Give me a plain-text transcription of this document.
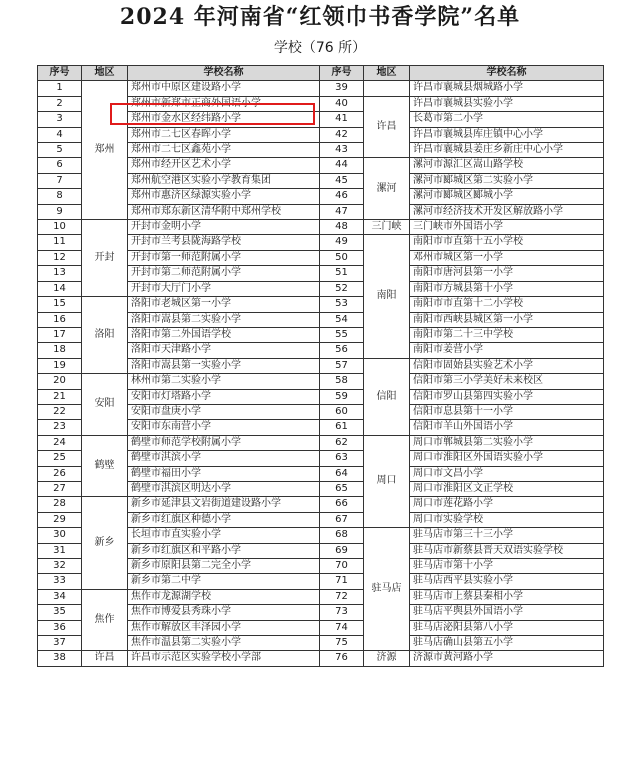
2024 年河南省“红领巾书香学院”名单
学校（76 所）
序号	地区	学校名称	序号	地区	学校名称
1	郑州	郑州市中原区建设路小学	39		许昌市襄城县烟城路小学
2		郑州市新郑市正商外国语小学	40	许昌	许昌市襄城县实验小学
3		郑州市金水区经纬路小学	41		长葛市第二小学
4		郑州市二七区春晖小学	42		许昌市襄城县库庄镇中心小学
5		郑州市二七区鑫苑小学	43		许昌市襄城县姜庄乡新庄中心小学
6		郑州市经开区艺术小学	44	漯河	漯河市源汇区嵩山路学校
7		郑州航空港区实验小学教育集团	45		漯河市郾城区第二实验小学
8		郑州市惠济区绿源实验小学	46		漯河市郾城区郾城小学
9		郑州市郑东新区清华附中郑州学校	47		漯河市经济技术开发区解放路小学
10	开封	开封市金明小学	48	三门峡	三门峡市外国语小学
11		开封市兰考县陇海路学校	49	南阳	南阳市市直第十五小学校
12		开封市第一师范附属小学	50		邓州市城区第一小学
13		开封市第二师范附属小学	51		南阳市唐河县第一小学
14		开封市大厅门小学	52		南阳市方城县第十小学
15	洛阳	洛阳市老城区第一小学	53		南阳市市直第十二小学校
16		洛阳市嵩县第二实验小学	54		南阳市西峡县城区第一小学
17		洛阳市第二外国语学校	55		南阳市第二十三中学校
18		洛阳市天津路小学	56		南阳市姜营小学
19		洛阳市嵩县第一实验小学	57	信阳	信阳市固始县实验艺术小学
20	安阳	林州市第二实验小学	58		信阳市第三小学美好未来校区
21		安阳市灯塔路小学	59		信阳市罗山县第四实验小学
22		安阳市盘庚小学	60		信阳市息县第十一小学
23		安阳市东南营小学	61		信阳市羊山外国语小学
24	鹤壁	鹤壁市师范学校附属小学	62	周口	周口市郸城县第二实验小学
25		鹤壁市淇滨小学	63		周口市淮阳区外国语实验小学
26		鹤壁市福田小学	64		周口市文昌小学
27		鹤壁市淇滨区明达小学	65		周口市淮阳区文正学校
28	新乡	新乡市延津县文岩街道建设路小学	66		周口市莲花路小学
29		新乡市红旗区种德小学	67		周口市实验学校
30		长垣市市直实验小学	68	驻马店	驻马店市第三十三小学
31		新乡市红旗区和平路小学	69		驻马店市新蔡县晋天双语实验学校
32		新乡市原阳县第二完全小学	70		驻马店市第十小学
33		新乡市第二中学	71		驻马店西平县实验小学
34	焦作	焦作市龙源湖学校	72		驻马店市上蔡县秦相小学
35		焦作市博爱县秀珠小学	73		驻马店平舆县外国语小学
36		焦作市解放区丰泽园小学	74		驻马店泌阳县第八小学
37		焦作市温县第二实验小学	75		驻马店确山县第五小学
38	许昌	许昌市示范区实验学校小学部	76	济源	济源市黄河路小学
